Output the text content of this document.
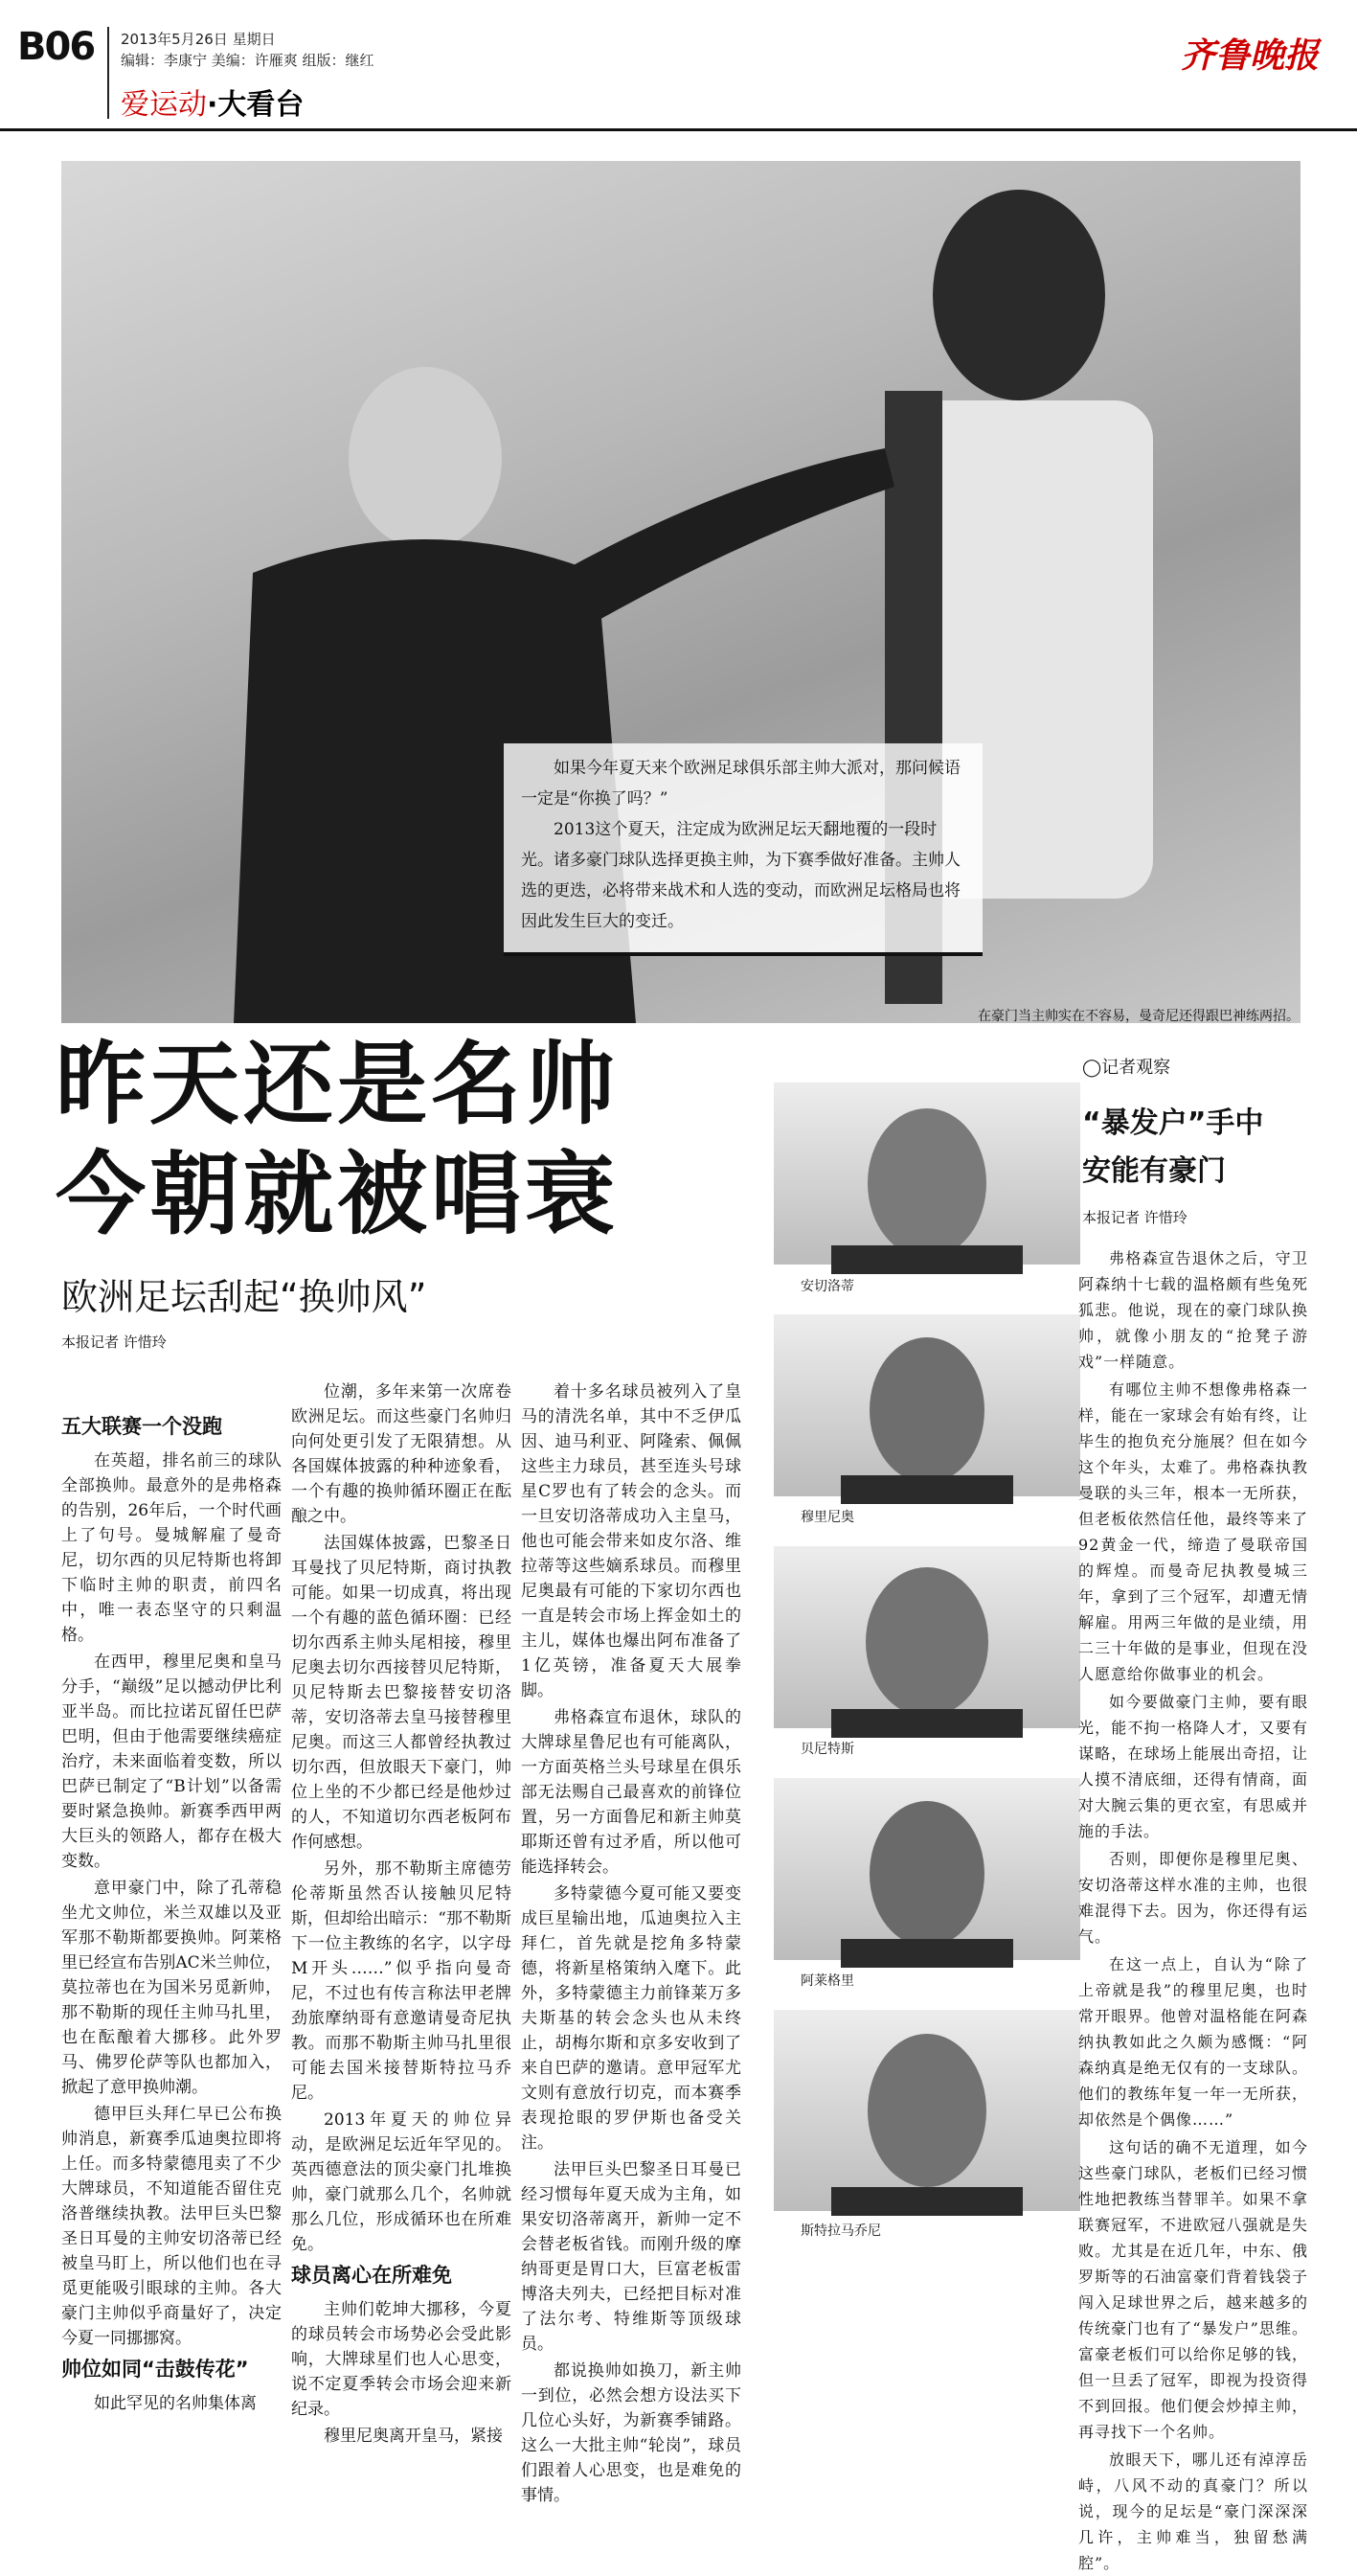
B06 2013年5月26日 星期日
编辑：李康宁 美编：许雁爽 组版：继红
爱运动·大看台
齐鲁晚报

如果今年夏天来个欧洲足球俱乐部主帅大派对，那问候语一定是“你换了吗？”

2013这个夏天，注定成为欧洲足坛天翻地覆的一段时光。诸多豪门球队选择更换主帅，为下赛季做好准备。主帅人选的更迭，必将带来战术和人选的变动，而欧洲足坛格局也将因此发生巨大的变迁。

在豪门当主帅实在不容易，曼奇尼还得跟巴神练两招。
昨天还是名帅
今朝就被唱衰
欧洲足坛刮起“换帅风”
本报记者 许惜玲
五大联赛一个没跑

在英超，排名前三的球队全部换帅。最意外的是弗格森的告别，26年后，一个时代画上了句号。曼城解雇了曼奇尼，切尔西的贝尼特斯也将卸下临时主帅的职责，前四名中，唯一表态坚守的只剩温格。

在西甲，穆里尼奥和皇马分手，“巅级”足以撼动伊比利亚半岛。而比拉诺瓦留任巴萨巴明，但由于他需要继续癌症治疗，未来面临着变数，所以巴萨已制定了“B计划”以备需要时紧急换帅。新赛季西甲两大巨头的领路人，都存在极大变数。

意甲豪门中，除了孔蒂稳坐尤文帅位，米兰双雄以及亚军那不勒斯都要换帅。阿莱格里已经宣布告别AC米兰帅位，莫拉蒂也在为国米另觅新帅，那不勒斯的现任主帅马扎里，也在酝酿着大挪移。此外罗马、佛罗伦萨等队也都加入，掀起了意甲换帅潮。

德甲巨头拜仁早已公布换帅消息，新赛季瓜迪奥拉即将上任。而多特蒙德甩卖了不少大牌球员，不知道能否留住克洛普继续执教。法甲巨头巴黎圣日耳曼的主帅安切洛蒂已经被皇马盯上，所以他们也在寻觅更能吸引眼球的主帅。各大豪门主帅似乎商量好了，决定今夏一同挪挪窝。

帅位如同“击鼓传花”

如此罕见的名帅集体离

位潮，多年来第一次席卷欧洲足坛。而这些豪门名帅归向何处更引发了无限猜想。从各国媒体披露的种种迹象看，一个有趣的换帅循环圈正在酝酿之中。

法国媒体披露，巴黎圣日耳曼找了贝尼特斯，商讨执教可能。如果一切成真，将出现一个有趣的蓝色循环圈：已经切尔西系主帅头尾相接，穆里尼奥去切尔西接替贝尼特斯，贝尼特斯去巴黎接替安切洛蒂，安切洛蒂去皇马接替穆里尼奥。而这三人都曾经执教过切尔西，但放眼天下豪门，帅位上坐的不少都已经是他炒过的人，不知道切尔西老板阿布作何感想。

另外，那不勒斯主席德劳伦蒂斯虽然否认接触贝尼特斯，但却给出暗示：“那不勒斯下一位主教练的名字，以字母M开头……”似乎指向曼奇尼，不过也有传言称法甲老牌劲旅摩纳哥有意邀请曼奇尼执教。而那不勒斯主帅马扎里很可能去国米接替斯特拉马乔尼。

2013年夏天的帅位异动，是欧洲足坛近年罕见的。英西德意法的顶尖豪门扎堆换帅，豪门就那么几个，名帅就那么几位，形成循环也在所难免。

球员离心在所难免

主帅们乾坤大挪移，今夏的球员转会市场势必会受此影响，大牌球星们也人心思变，说不定夏季转会市场会迎来新纪录。

穆里尼奥离开皇马，紧接

着十多名球员被列入了皇马的清洗名单，其中不乏伊瓜因、迪马利亚、阿隆索、佩佩这些主力球员，甚至连头号球星C罗也有了转会的念头。而一旦安切洛蒂成功入主皇马，他也可能会带来如皮尔洛、维拉蒂等这些嫡系球员。而穆里尼奥最有可能的下家切尔西也一直是转会市场上挥金如土的主儿，媒体也爆出阿布准备了1亿英镑，准备夏天大展拳脚。

弗格森宣布退休，球队的大牌球星鲁尼也有可能离队，一方面英格兰头号球星在俱乐部无法赐自己最喜欢的前锋位置，另一方面鲁尼和新主帅莫耶斯还曾有过矛盾，所以他可能选择转会。

多特蒙德今夏可能又要变成巨星输出地，瓜迪奥拉入主拜仁，首先就是挖角多特蒙德，将新星格策纳入麾下。此外，多特蒙德主力前锋莱万多夫斯基的转会念头也从未终止，胡梅尔斯和京多安收到了来自巴萨的邀请。意甲冠军尤文则有意放行切克，而本赛季表现抢眼的罗伊斯也备受关注。

法甲巨头巴黎圣日耳曼已经习惯每年夏天成为主角，如果安切洛蒂离开，新帅一定不会替老板省钱。而刚升级的摩纳哥更是胃口大，巨富老板雷博洛夫列夫，已经把目标对准了法尔考、特维斯等顶级球员。

都说换帅如换刀，新主帅一到位，必然会想方设法买下几位心头好，为新赛季铺路。这么一大批主帅“轮岗”，球员们跟着人心思变，也是难免的事情。

安切洛蒂
穆里尼奥
贝尼特斯
阿莱格里
斯特拉马乔尼
◯记者观察
“暴发户”手中
安能有豪门
本报记者 许惜玲

弗格森宣告退休之后，守卫阿森纳十七载的温格颇有些兔死狐悲。他说，现在的豪门球队换帅，就像小朋友的“抢凳子游戏”一样随意。

有哪位主帅不想像弗格森一样，能在一家球会有始有终，让毕生的抱负充分施展？但在如今这个年头，太难了。弗格森执教曼联的头三年，根本一无所获，但老板依然信任他，最终等来了92黄金一代，缔造了曼联帝国的辉煌。而曼奇尼执教曼城三年，拿到了三个冠军，却遭无情解雇。用两三年做的是业绩，用二三十年做的是事业，但现在没人愿意给你做事业的机会。

如今要做豪门主帅，要有眼光，能不拘一格降人才，又要有谋略，在球场上能展出奇招，让人摸不清底细，还得有情商，面对大腕云集的更衣室，有思威并施的手法。

否则，即便你是穆里尼奥、安切洛蒂这样水准的主帅，也很难混得下去。因为，你还得有运气。

在这一点上，自认为“除了上帝就是我”的穆里尼奥，也时常开眼界。他曾对温格能在阿森纳执教如此之久颇为感慨：“阿森纳真是绝无仅有的一支球队。他们的教练年复一年一无所获，却依然是个偶像……”

这句话的确不无道理，如今这些豪门球队，老板们已经习惯性地把教练当替罪羊。如果不拿联赛冠军，不进欧冠八强就是失败。尤其是在近几年，中东、俄罗斯等的石油富豪们背着钱袋子闯入足球世界之后，越来越多的传统豪门也有了“暴发户”思维。富豪老板们可以给你足够的钱，但一旦丢了冠军，即视为投资得不到回报。他们便会炒掉主帅，再寻找下一个名帅。

放眼天下，哪儿还有淖淳岳峙，八风不动的真豪门？所以说，现今的足坛是“豪门深深深几许，主帅难当，独留愁满腔”。
